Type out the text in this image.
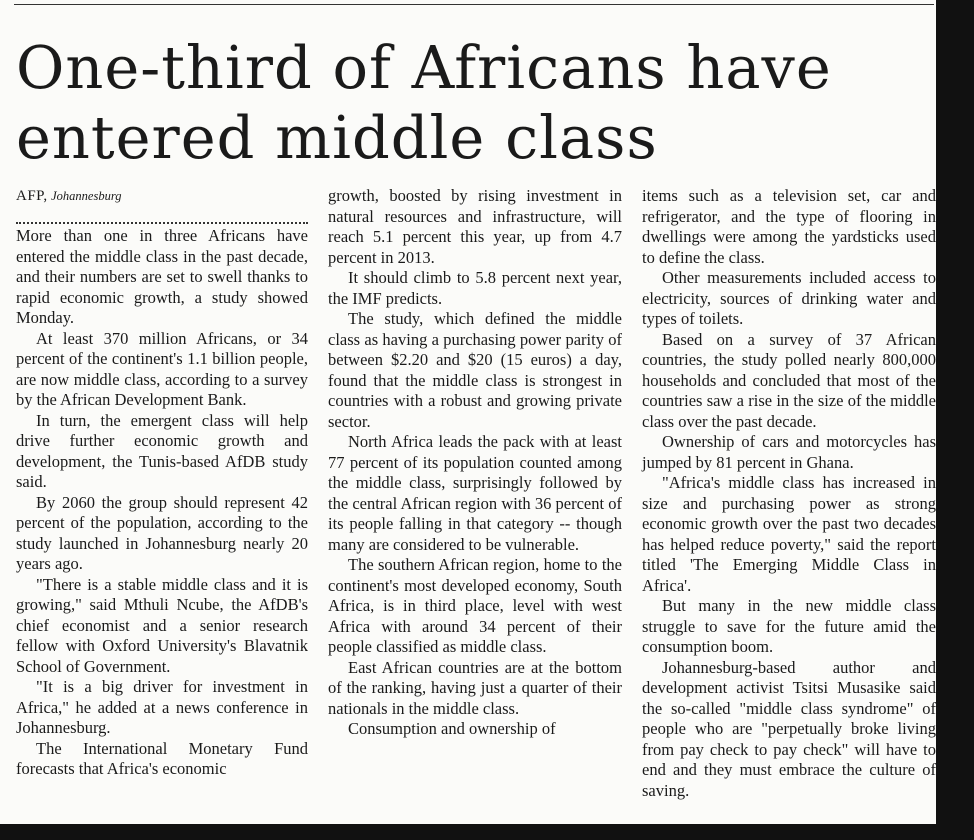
One-third of Africans have
entered middle class
AFP, Johannesburg

More than one in three Africans have entered the middle class in the past decade, and their numbers are set to swell thanks to rapid economic growth, a study showed Monday.

At least 370 million Africans, or 34 percent of the continent's 1.1 billion people, are now middle class, according to a survey by the African Development Bank.

In turn, the emergent class will help drive further economic growth and development, the Tunis-based AfDB study said.

By 2060 the group should represent 42 percent of the population, according to the study launched in Johannesburg nearly 20 years ago.

"There is a stable middle class and it is growing," said Mthuli Ncube, the AfDB's chief economist and a senior research fellow with Oxford University's Blavatnik School of Government.

"It is a big driver for investment in Africa," he added at a news conference in Johannesburg.

The International Monetary Fund forecasts that Africa's economic

growth, boosted by rising investment in natural resources and infrastructure, will reach 5.1 percent this year, up from 4.7 percent in 2013.

It should climb to 5.8 percent next year, the IMF predicts.

The study, which defined the middle class as having a purchasing power parity of between $2.20 and $20 (15 euros) a day, found that the middle class is strongest in countries with a robust and growing private sector.

North Africa leads the pack with at least 77 percent of its population counted among the middle class, surprisingly followed by the central African region with 36 percent of its people falling in that category -- though many are considered to be vulnerable.

The southern African region, home to the continent's most developed economy, South Africa, is in third place, level with west Africa with around 34 percent of their people classified as middle class.

East African countries are at the bottom of the ranking, having just a quarter of their nationals in the middle class.

Consumption and ownership of

items such as a television set, car and refrigerator, and the type of flooring in dwellings were among the yardsticks used to define the class.

Other measurements included access to electricity, sources of drinking water and types of toilets.

Based on a survey of 37 African countries, the study polled nearly 800,000 households and concluded that most of the countries saw a rise in the size of the middle class over the past decade.

Ownership of cars and motorcycles has jumped by 81 percent in Ghana.

"Africa's middle class has increased in size and purchasing power as strong economic growth over the past two decades has helped reduce poverty," said the report titled 'The Emerging Middle Class in Africa'.

But many in the new middle class struggle to save for the future amid the consumption boom.

Johannesburg-based author and development activist Tsitsi Musasike said the so-called "middle class syndrome" of people who are "perpetually broke living from pay check to pay check" will have to end and they must embrace the culture of saving.
